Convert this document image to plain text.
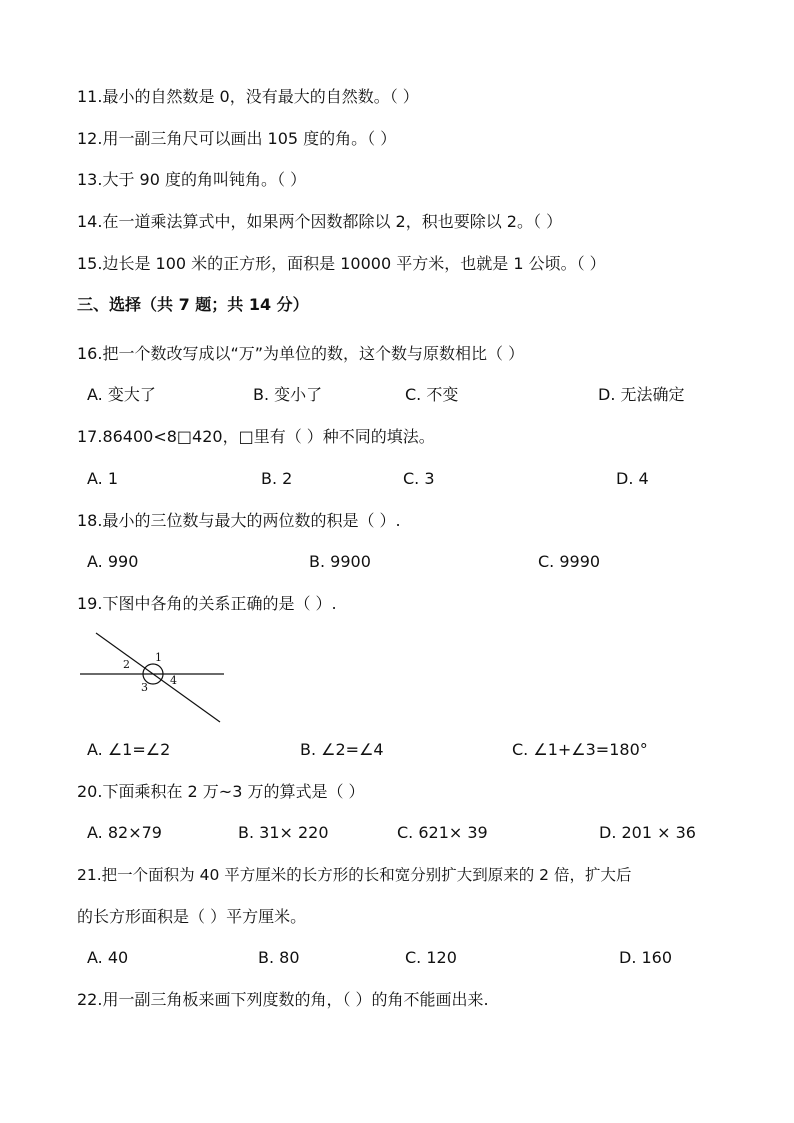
11.最小的自然数是 0，没有最大的自然数。（ ）
12.用一副三角尺可以画出 105 度的角。（ ）
13.大于 90 度的角叫钝角。（ ）
14.在一道乘法算式中，如果两个因数都除以 2，积也要除以 2。（ ）
15.边长是 100 米的正方形，面积是 10000 平方米，也就是 1 公顷。（ ）
三、选择（共 7 题；共 14 分）
16.把一个数改写成以“万”为单位的数，这个数与原数相比（ ）
A. 变大了	B. 变小了	C. 不变	D. 无法确定
17.86400<8□420，□里有（ ）种不同的填法。
A. 1	B. 2	C. 3	D. 4
18.最小的三位数与最大的两位数的积是（ ）.
A. 990	B. 9900	C. 9990
19.下图中各角的关系正确的是（ ）.
1
2
3
4
A. ∠1=∠2	B. ∠2=∠4	C. ∠1+∠3=180°
20.下面乘积在 2 万~3 万的算式是（ ）
A. 82×79	B. 31× 220	C. 621× 39	D. 201 × 36
21.把一个面积为 40 平方厘米的长方形的长和宽分别扩大到原来的 2 倍，扩大后
的长方形面积是（ ）平方厘米。
A. 40	B. 80	C. 120	D. 160
22.用一副三角板来画下列度数的角，（ ）的角不能画出来.
